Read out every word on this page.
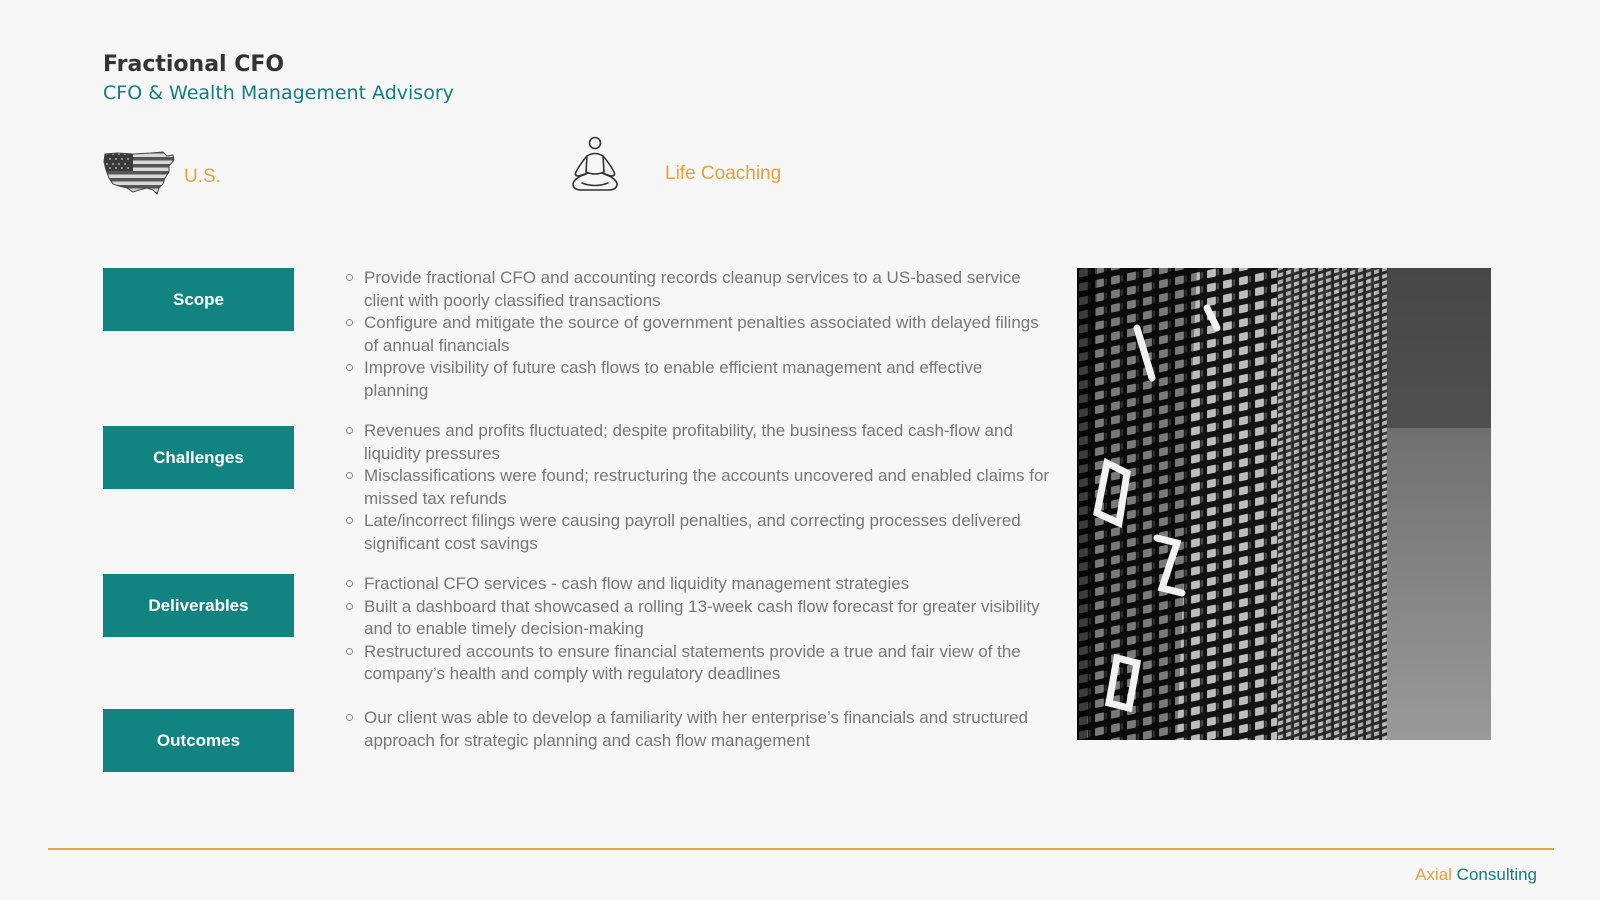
Fractional CFO
CFO & Wealth Management Advisory
U.S.	Life Coaching
Scope
Challenges
Deliverables
Outcomes
Provide fractional CFO and accounting records cleanup services to a US-based service client with poorly classified transactions
Configure and mitigate the source of government penalties associated with delayed filings of annual financials
Improve visibility of future cash flows to enable efficient management and effective planning
Revenues and profits fluctuated; despite profitability, the business faced cash-flow and liquidity pressures
Misclassifications were found; restructuring the accounts uncovered and enabled claims for missed tax refunds
Late/incorrect filings were causing payroll penalties, and correcting processes delivered significant cost savings
Fractional CFO services - cash flow and liquidity management strategies
Built a dashboard that showcased a rolling 13-week cash flow forecast for greater visibility and to enable timely decision-making
Restructured accounts to ensure financial statements provide a true and fair view of the company’s health and comply with regulatory deadlines
Our client was able to develop a familiarity with her enterprise’s financials and structured approach for strategic planning and cash flow management
Axial Consulting
